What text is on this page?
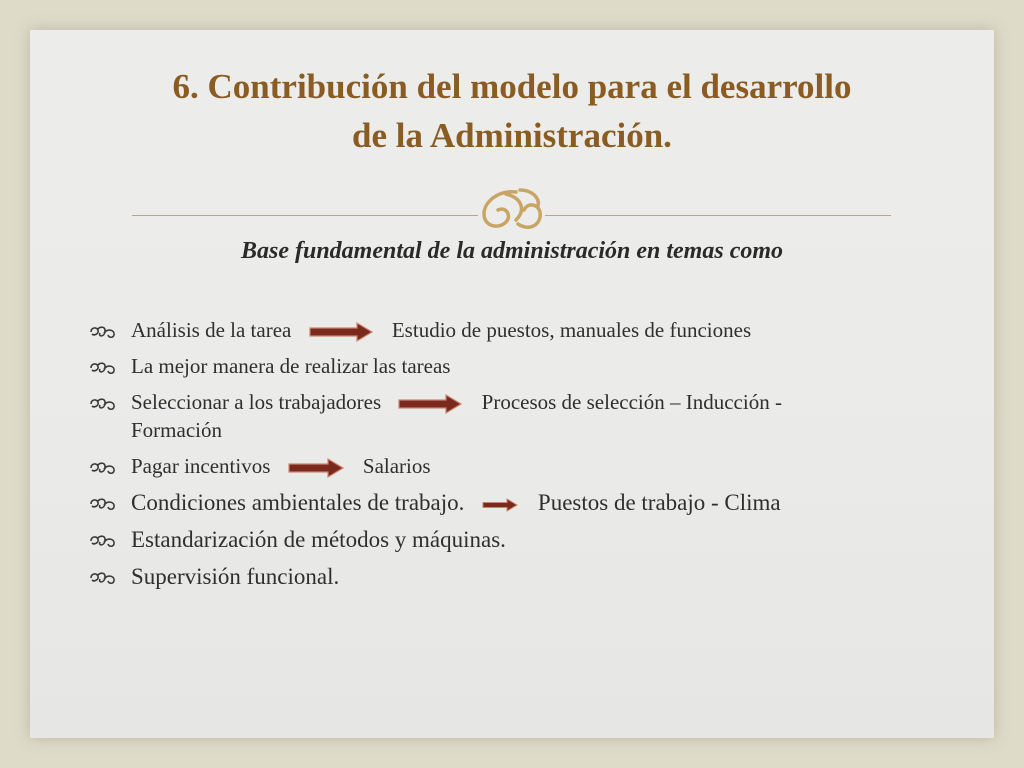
6. Contribución del modelo para el desarrollo
de la Administración.
Base fundamental de la administración en temas como
Análisis de la tarea	Estudio de puestos, manuales de funciones
La mejor manera de realizar las tareas
Seleccionar a los trabajadores	Procesos de selección – Inducción -
Formación
Pagar incentivos	Salarios
Condiciones ambientales de trabajo.	Puestos de trabajo - Clima
Estandarización de métodos y máquinas.
Supervisión funcional.
